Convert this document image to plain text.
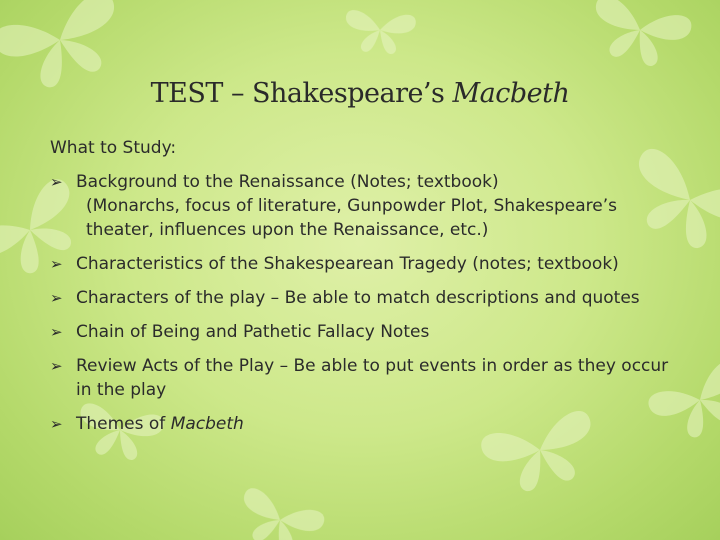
TEST – Shakespeare’s Macbeth
What to Study:
➢ Background to the Renaissance (Notes; textbook)
(Monarchs, focus of literature, Gunpowder Plot, Shakespeare’s theater, influences upon the Renaissance, etc.)
➢ Characteristics of the Shakespearean Tragedy (notes; textbook)
➢ Characters of the play – Be able to match descriptions and quotes
➢ Chain of Being and Pathetic Fallacy Notes
➢ Review Acts of the Play – Be able to put events in order as they occur in the play
➢ Themes of Macbeth
